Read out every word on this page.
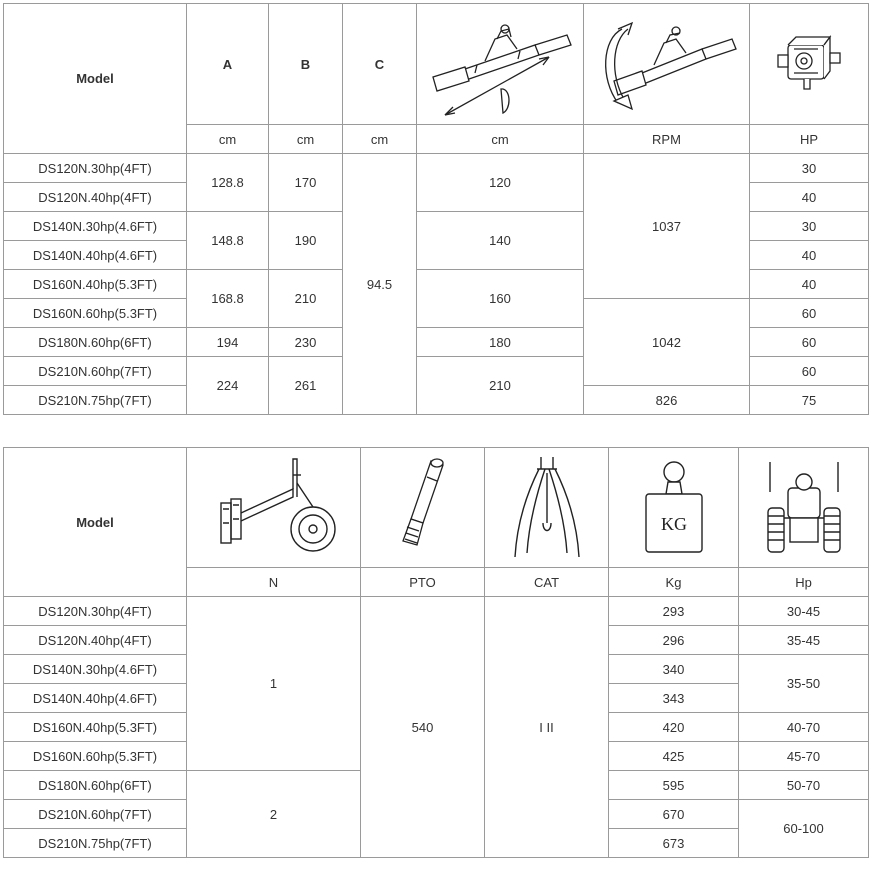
Model	A	B	C	

	cm	cm	cm	cm	RPM	HP
DS120N.30hp(4FT)	128.8	170	94.5	120	1037	30
DS120N.40hp(4FT)						40
DS140N.30hp(4.6FT)	148.8	190		140		30
DS140N.40hp(4.6FT)						40
DS160N.40hp(5.3FT)	168.8	210		160		40
DS160N.60hp(5.3FT)					1042	60
DS180N.60hp(6FT)	194	230		180		60
DS210N.60hp(7FT)	224	261		210		60
DS210N.75hp(7FT)					826	75
Model				KG

	N	PTO	CAT	Kg	Hp
DS120N.30hp(4FT)	1	540	I II	293	30-45
DS120N.40hp(4FT)				296	35-45
DS140N.30hp(4.6FT)				340	35-50
DS140N.40hp(4.6FT)				343	
DS160N.40hp(5.3FT)				420	40-70
DS160N.60hp(5.3FT)				425	45-70
DS180N.60hp(6FT)	2			595	50-70
DS210N.60hp(7FT)				670	60-100
DS210N.75hp(7FT)				673	
